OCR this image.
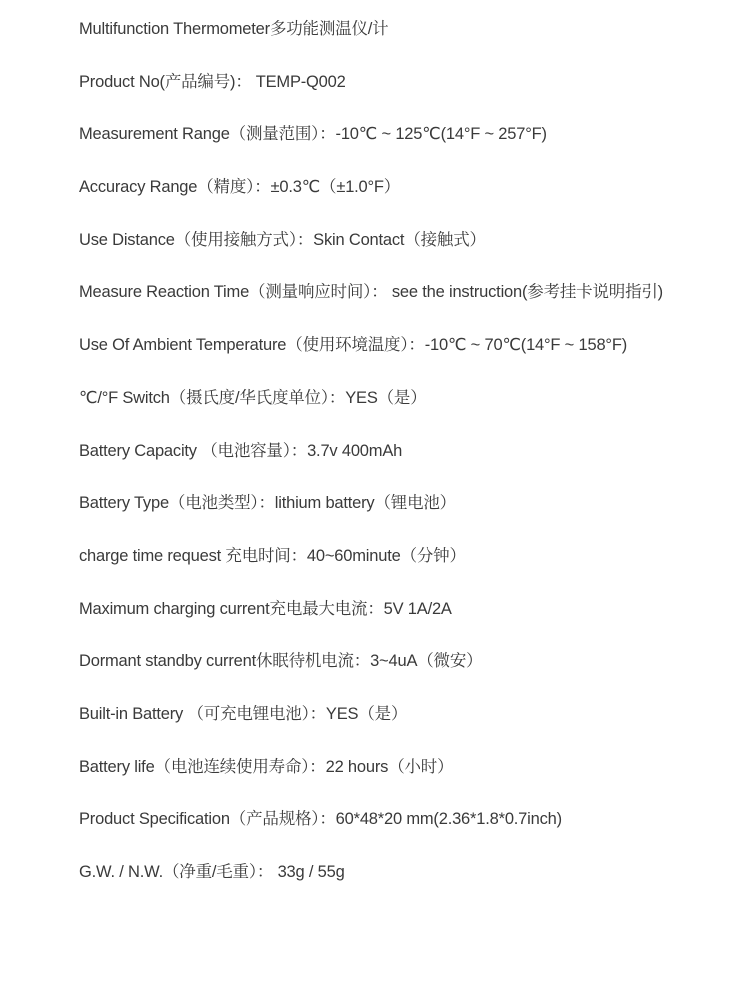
Multifunction Thermometer多功能测温仪/计
Product No(产品编号)： TEMP-Q002
Measurement Range（测量范围）：-10℃ ~ 125℃(14°F ~ 257°F)
Accuracy Range（精度）：±0.3℃（±1.0°F）
Use Distance（使用接触方式）：Skin Contact（接触式）
Measure Reaction Time（测量响应时间）： see the instruction(参考挂卡说明指引)
Use Of Ambient Temperature（使用环境温度）：-10℃ ~ 70℃(14°F ~ 158°F)
℃/°F Switch（摄氏度/华氏度单位）：YES（是）
Battery Capacity （电池容量）：3.7v 400mAh
Battery Type（电池类型）：lithium battery（锂电池）
charge time request 充电时间：40~60minute（分钟）
Maximum charging current充电最大电流：5V 1A/2A
Dormant standby current休眠待机电流：3~4uA（微安）
Built-in Battery （可充电锂电池）：YES（是）
Battery life（电池连续使用寿命）：22 hours（小时）
Product Specification（产品规格）：60*48*20 mm(2.36*1.8*0.7inch)
G.W. / N.W.（净重/毛重）： 33g / 55g
